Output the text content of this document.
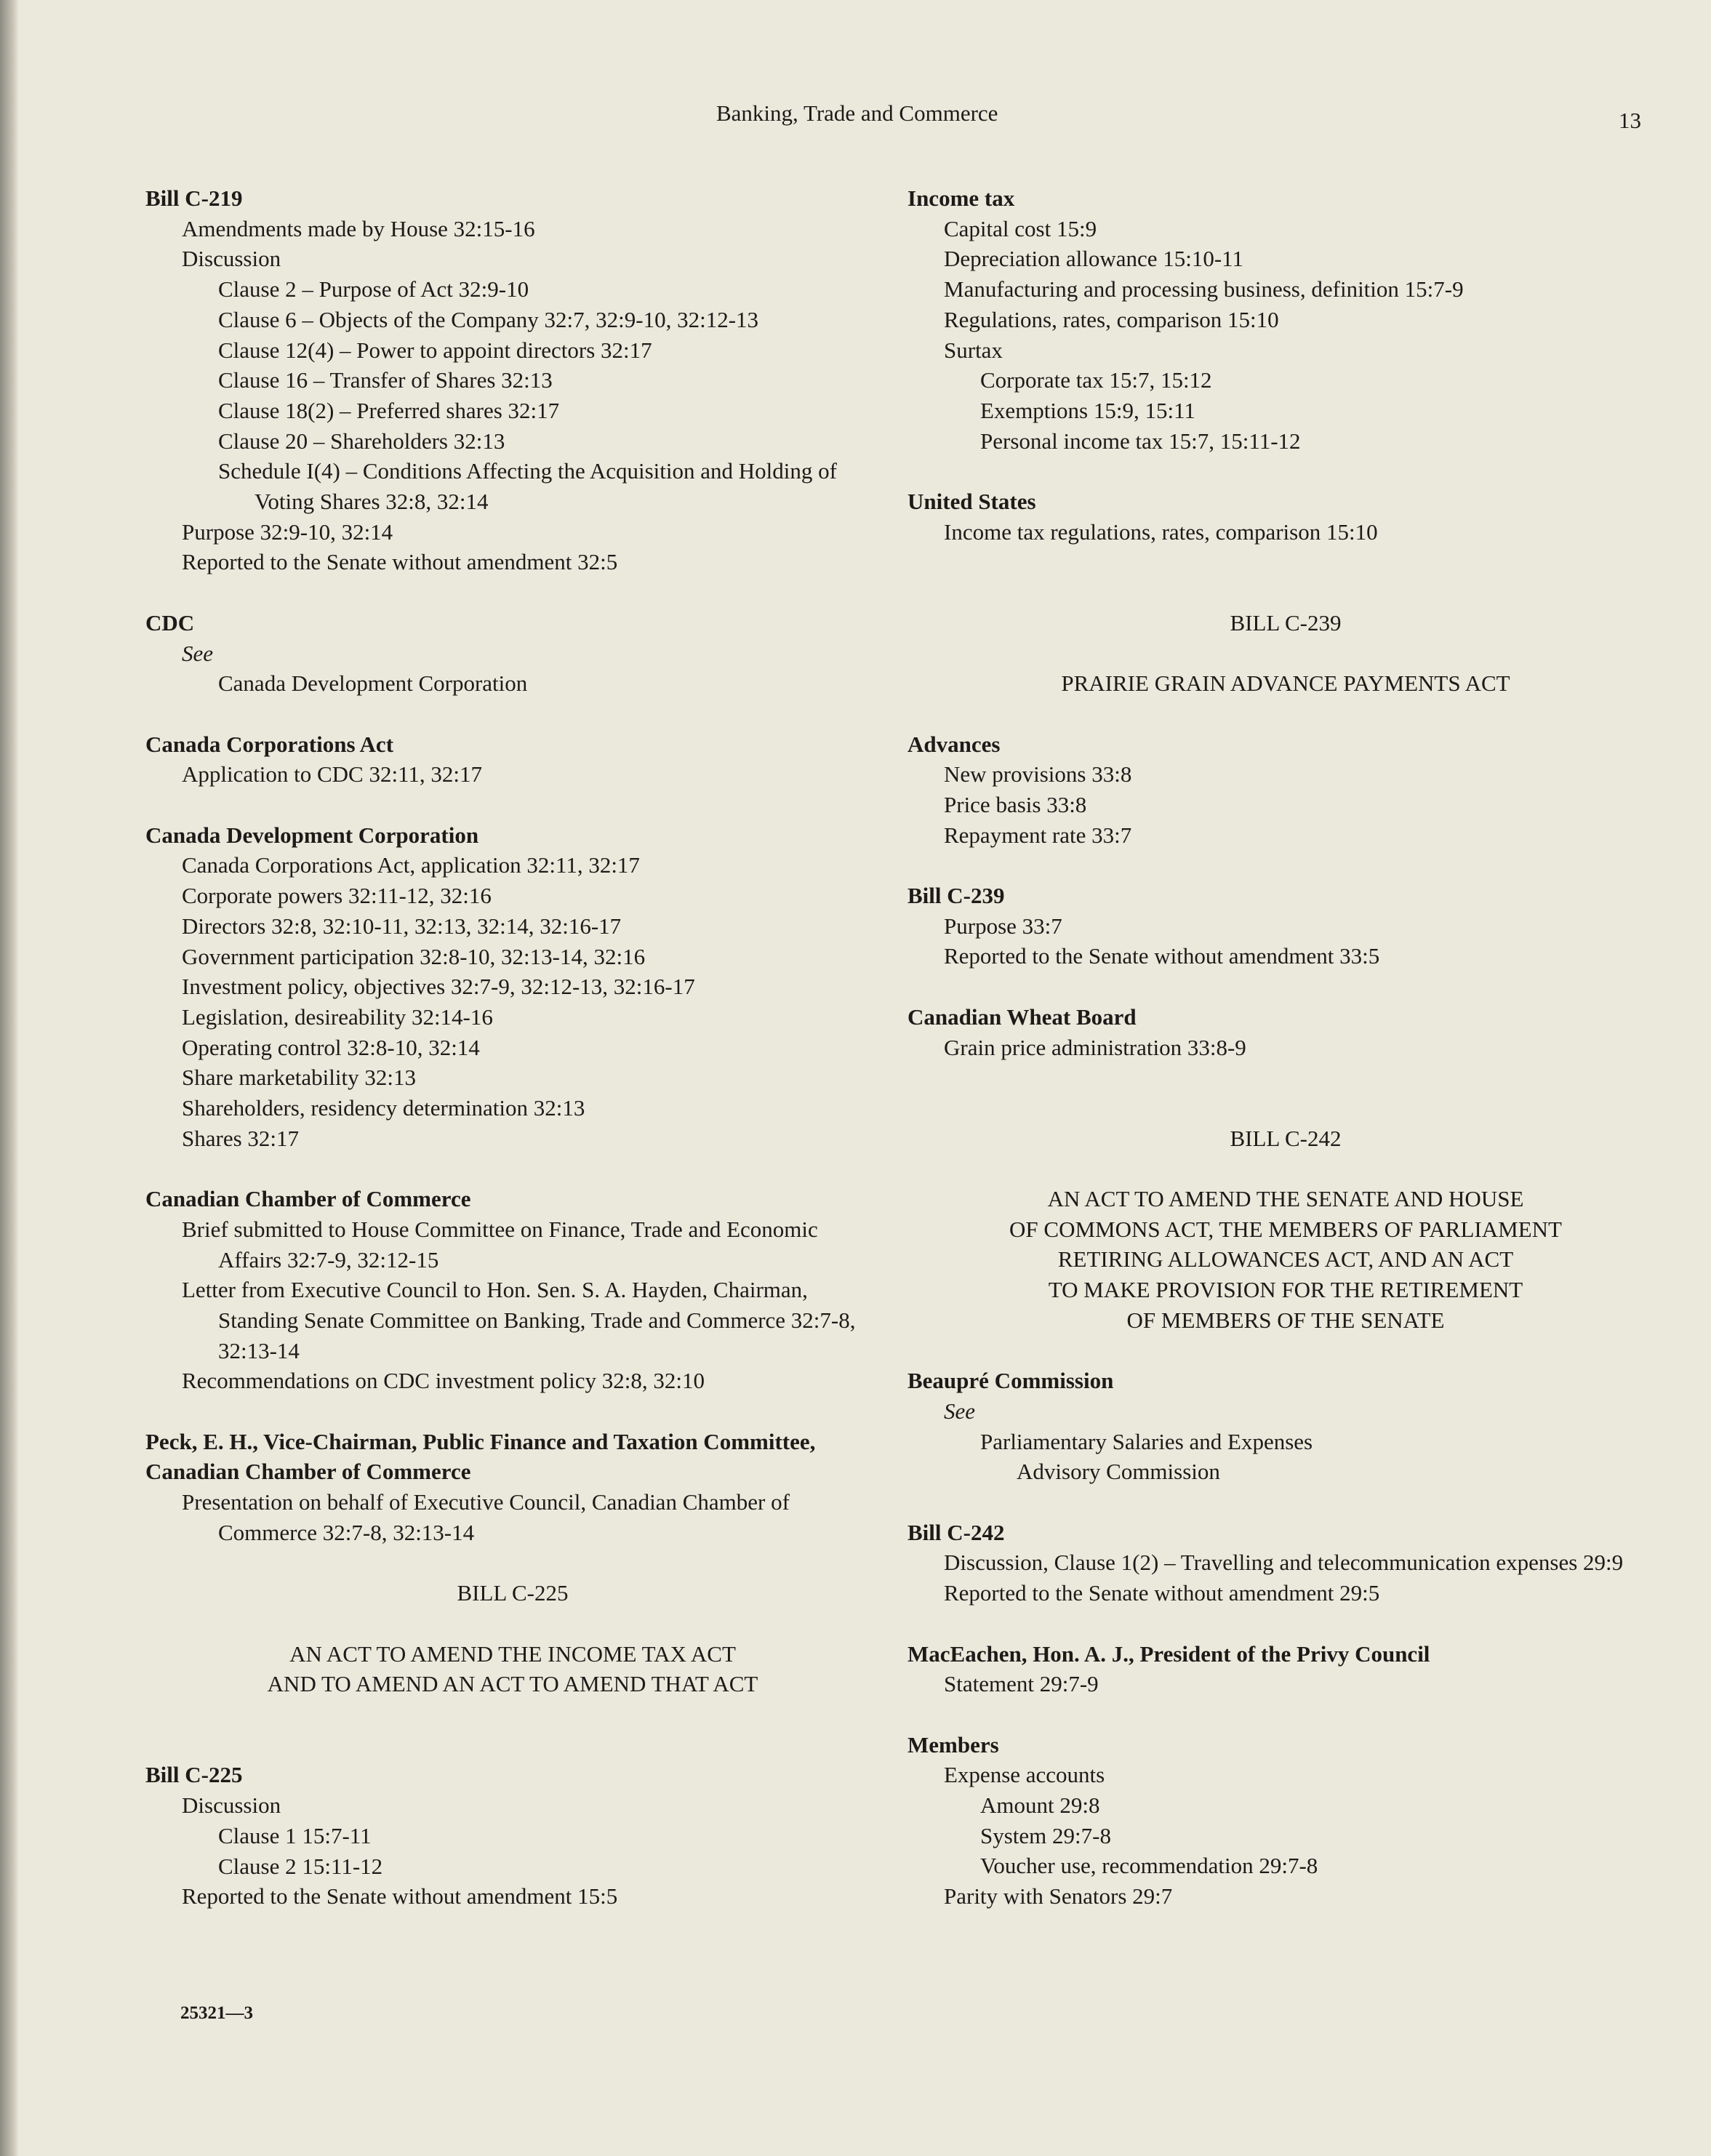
Banking, Trade and Commerce	13

Bill C-219

Amendments made by House 32:15-16

Discussion

Clause 2 – Purpose of Act 32:9-10

Clause 6 – Objects of the Company 32:7, 32:9-10, 32:12-13

Clause 12(4) – Power to appoint directors 32:17

Clause 16 – Transfer of Shares 32:13

Clause 18(2) – Preferred shares 32:17

Clause 20 – Shareholders 32:13

Schedule I(4) – Conditions Affecting the Acquisition and Holding of Voting Shares 32:8, 32:14

Purpose 32:9-10, 32:14

Reported to the Senate without amendment 32:5

CDC

See

Canada Development Corporation

Canada Corporations Act

Application to CDC 32:11, 32:17

Canada Development Corporation

Canada Corporations Act, application 32:11, 32:17

Corporate powers 32:11-12, 32:16

Directors 32:8, 32:10-11, 32:13, 32:14, 32:16-17

Government participation 32:8-10, 32:13-14, 32:16

Investment policy, objectives 32:7-9, 32:12-13, 32:16-17

Legislation, desireability 32:14-16

Operating control 32:8-10, 32:14

Share marketability 32:13

Shareholders, residency determination 32:13

Shares 32:17

Canadian Chamber of Commerce

Brief submitted to House Committee on Finance, Trade and Economic Affairs 32:7-9, 32:12-15

Letter from Executive Council to Hon. Sen. S. A. Hayden, Chairman, Standing Senate Committee on Banking, Trade and Commerce 32:7-8, 32:13-14

Recommendations on CDC investment policy 32:8, 32:10

Peck, E. H., Vice-Chairman, Public Finance and Taxation Committee, Canadian Chamber of Commerce

Presentation on behalf of Executive Council, Canadian Chamber of Commerce 32:7-8, 32:13-14

BILL C-225

AN ACT TO AMEND THE INCOME TAX ACT

AND TO AMEND AN ACT TO AMEND THAT ACT

Bill C-225

Discussion

Clause 1 15:7-11

Clause 2 15:11-12

Reported to the Senate without amendment 15:5

Income tax

Capital cost 15:9

Depreciation allowance 15:10-11

Manufacturing and processing business, definition 15:7-9

Regulations, rates, comparison 15:10

Surtax

Corporate tax 15:7, 15:12

Exemptions 15:9, 15:11

Personal income tax 15:7, 15:11-12

United States

Income tax regulations, rates, comparison 15:10

BILL C-239

PRAIRIE GRAIN ADVANCE PAYMENTS ACT

Advances

New provisions 33:8

Price basis 33:8

Repayment rate 33:7

Bill C-239

Purpose 33:7

Reported to the Senate without amendment 33:5

Canadian Wheat Board

Grain price administration 33:8-9

BILL C-242

AN ACT TO AMEND THE SENATE AND HOUSE

OF COMMONS ACT, THE MEMBERS OF PARLIAMENT

RETIRING ALLOWANCES ACT, AND AN ACT

TO MAKE PROVISION FOR THE RETIREMENT

OF MEMBERS OF THE SENATE

Beaupré Commission

See

Parliamentary Salaries and Expenses

Advisory Commission

Bill C-242

Discussion, Clause 1(2) – Travelling and telecommunication expenses 29:9

Reported to the Senate without amendment 29:5

MacEachen, Hon. A. J., President of the Privy Council

Statement 29:7-9

Members

Expense accounts

Amount 29:8

System 29:7-8

Voucher use, recommendation 29:7-8

Parity with Senators 29:7

25321—3
